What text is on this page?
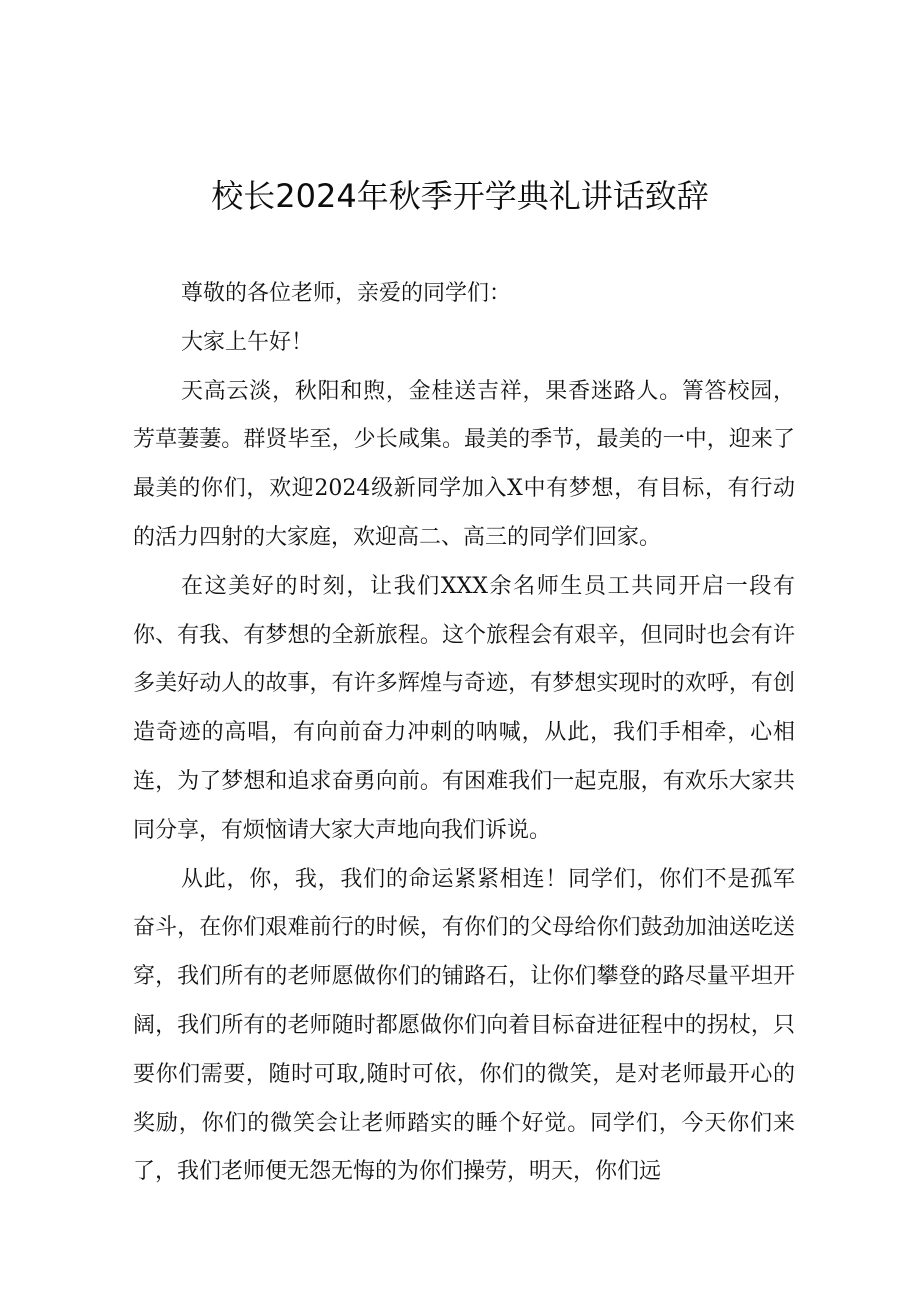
校长2024年秋季开学典礼讲话致辞

尊敬的各位老师，亲爱的同学们：

大家上午好！

天高云淡，秋阳和煦，金桂送吉祥，果香迷路人。箐答校园，芳草萋萋。群贤毕至，少长咸集。最美的季节，最美的一中，迎来了最美的你们，欢迎2024级新同学加入X中有梦想，有目标，有行动的活力四射的大家庭，欢迎高二、高三的同学们回家。

在这美好的时刻，让我们XXX余名师生员工共同开启一段有你、有我、有梦想的全新旅程。这个旅程会有艰辛，但同时也会有许多美好动人的故事，有许多辉煌与奇迹，有梦想实现时的欢呼，有创造奇迹的高唱，有向前奋力冲刺的呐喊，从此，我们手相牵，心相连，为了梦想和追求奋勇向前。有困难我们一起克服，有欢乐大家共同分享，有烦恼请大家大声地向我们诉说。

从此，你，我，我们的命运紧紧相连！同学们，你们不是孤军奋斗，在你们艰难前行的时候，有你们的父母给你们鼓劲加油送吃送穿，我们所有的老师愿做你们的铺路石，让你们攀登的路尽量平坦开阔，我们所有的老师随时都愿做你们向着目标奋进征程中的拐杖，只要你们需要，随时可取,随时可依，你们的微笑，是对老师最开心的奖励，你们的微笑会让老师踏实的睡个好觉。同学们，今天你们来了，我们老师便无怨无悔的为你们操劳，明天，你们远
